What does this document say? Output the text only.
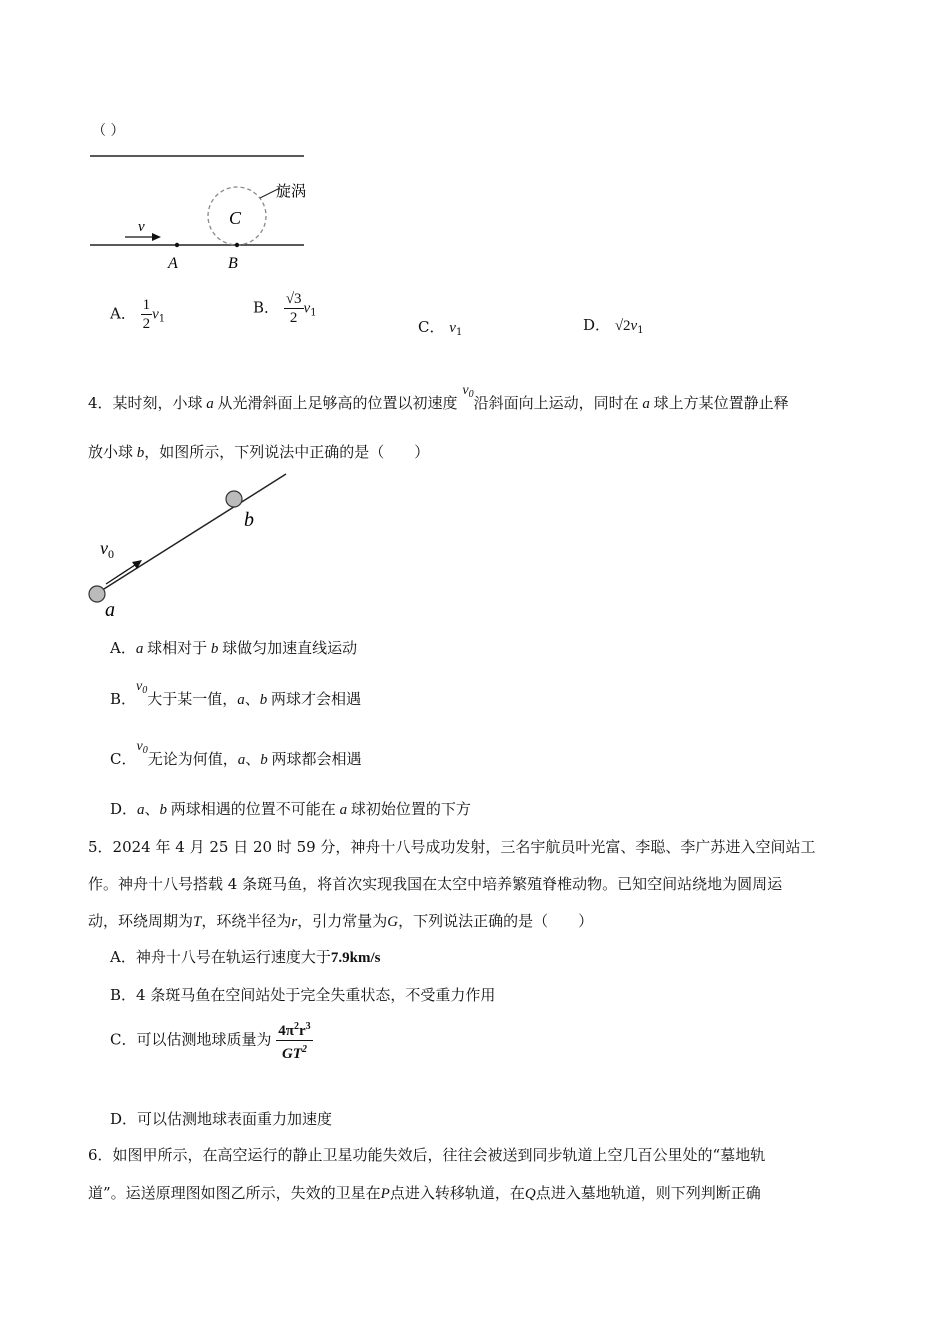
（ ）
旋涡
C
v
A	B
A． $\frac{1}{2} v_1$
B． $\frac{√3}{2} v_1$
C． $v_1$	D． $√2v_1$
4．某时刻，小球 a 从光滑斜面上足够高的位置以初速度 $v_0$沿斜面向上运动，同时在 a 球上方某位置静止释
放小球 b，如图所示，下列说法中正确的是（　　）
$v_0$
a
b
A．a 球相对于 b 球做匀加速直线运动
B．$v_0$大于某一值，a、b 两球才会相遇
C．$v_0$无论为何值，a、b 两球都会相遇
D．a、b 两球相遇的位置不可能在 a 球初始位置的下方
5．2024 年 4 月 25 日 20 时 59 分，神舟十八号成功发射，三名宇航员叶光富、李聪、李广苏进入空间站工
作。神舟十八号搭载 4 条斑马鱼，将首次实现我国在太空中培养繁殖脊椎动物。已知空间站绕地为圆周运
动，环绕周期为T，环绕半径为r，引力常量为G，下列说法正确的是（　　）
A．神舟十八号在轨运行速度大于7.9km/s
B．4 条斑马鱼在空间站处于完全失重状态，不受重力作用
C．可以估测地球质量为 $\frac{4\pi^2r^3}{GT^2}$
D．可以估测地球表面重力加速度
6．如图甲所示，在高空运行的静止卫星功能失效后，往往会被送到同步轨道上空几百公里处的“墓地轨
道”。运送原理图如图乙所示，失效的卫星在P点进入转移轨道，在Q点进入墓地轨道，则下列判断正确
